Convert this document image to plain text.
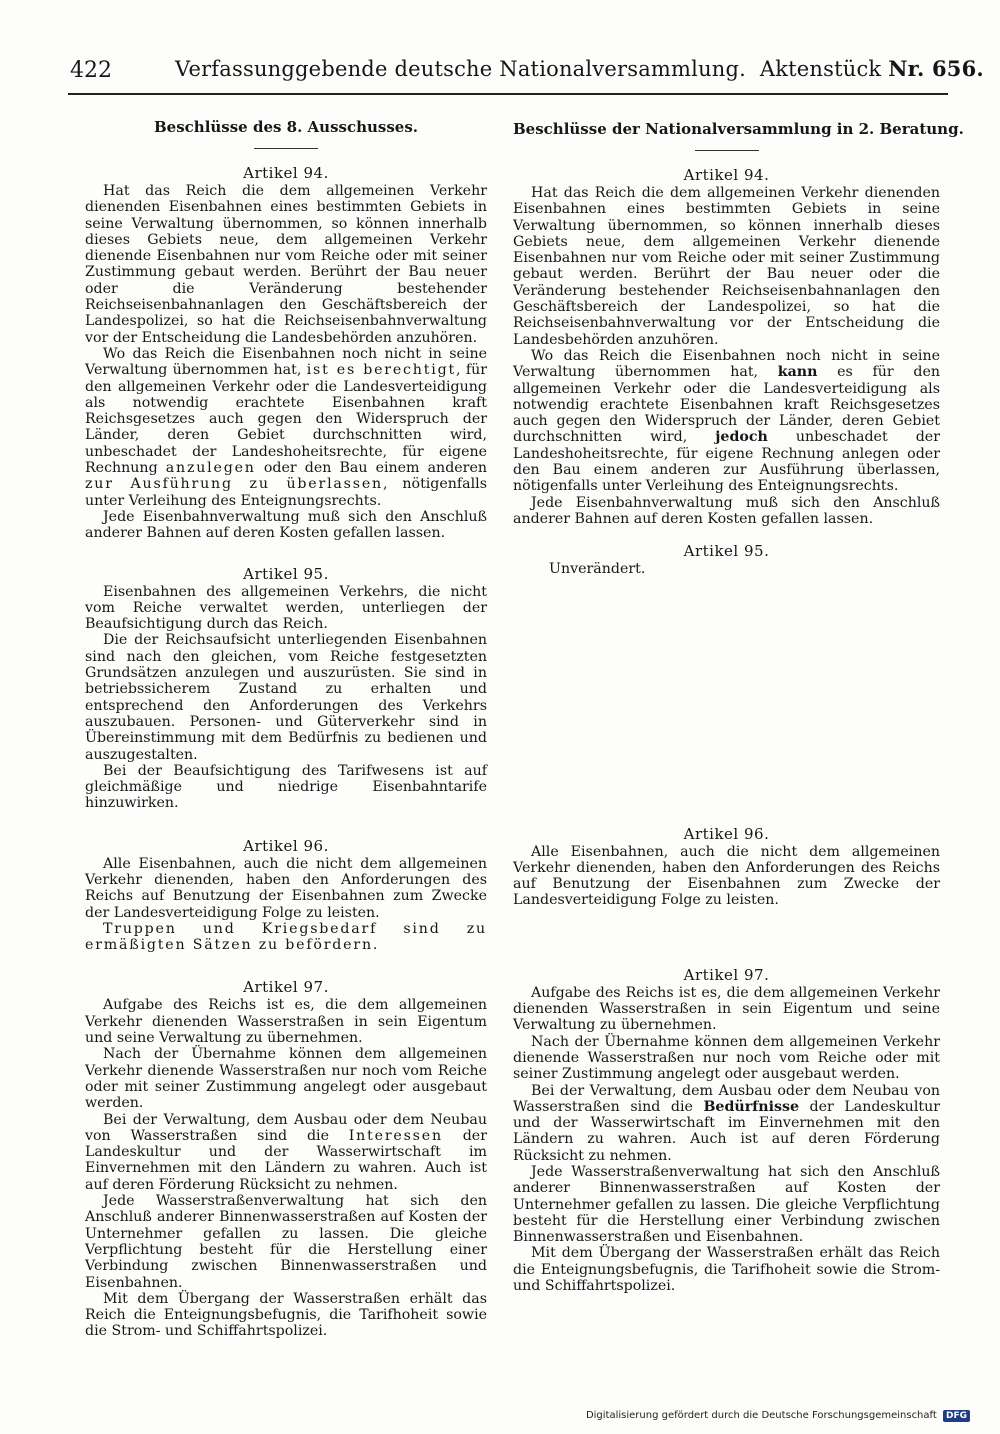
422	Verfassunggebende deutsche Nationalversammlung. Aktenstück Nr. 656.
Beschlüsse des 8. Ausschusses.
Artikel 94.

Hat das Reich die dem allgemeinen Verkehr dienenden Eisenbahnen eines bestimmten Gebiets in seine Verwaltung übernommen, so können innerhalb dieses Gebiets neue, dem allgemeinen Verkehr dienende Eisenbahnen nur vom Reiche oder mit seiner Zustimmung gebaut werden. Berührt der Bau neuer oder die Veränderung bestehender Reichseisenbahnanlagen den Geschäftsbereich der Landespolizei, so hat die Reichseisenbahnverwaltung vor der Entscheidung die Landesbehörden anzuhören.

Wo das Reich die Eisenbahnen noch nicht in seine Verwaltung übernommen hat, ist es berechtigt, für den allgemeinen Verkehr oder die Landesverteidigung als notwendig erachtete Eisenbahnen kraft Reichsgesetzes auch gegen den Widerspruch der Länder, deren Gebiet durchschnitten wird, unbeschadet der Landeshoheitsrechte, für eigene Rechnung anzulegen oder den Bau einem anderen zur Ausführung zu überlassen, nötigenfalls unter Verleihung des Enteignungsrechts.

Jede Eisenbahnverwaltung muß sich den Anschluß anderer Bahnen auf deren Kosten gefallen lassen.

Artikel 95.

Eisenbahnen des allgemeinen Verkehrs, die nicht vom Reiche verwaltet werden, unterliegen der Beaufsichtigung durch das Reich.

Die der Reichsaufsicht unterliegenden Eisenbahnen sind nach den gleichen, vom Reiche festgesetzten Grundsätzen anzulegen und auszurüsten. Sie sind in betriebssicherem Zustand zu erhalten und entsprechend den Anforderungen des Verkehrs auszubauen. Personen- und Güterverkehr sind in Übereinstimmung mit dem Bedürfnis zu bedienen und auszugestalten.

Bei der Beaufsichtigung des Tarifwesens ist auf gleichmäßige und niedrige Eisenbahntarife hinzuwirken.

Artikel 96.

Alle Eisenbahnen, auch die nicht dem allgemeinen Verkehr dienenden, haben den Anforderungen des Reichs auf Benutzung der Eisenbahnen zum Zwecke der Landesverteidigung Folge zu leisten.

Truppen und Kriegsbedarf sind zu ermäßigten Sätzen zu befördern.

Artikel 97.

Aufgabe des Reichs ist es, die dem allgemeinen Verkehr dienenden Wasserstraßen in sein Eigentum und seine Verwaltung zu übernehmen.

Nach der Übernahme können dem allgemeinen Verkehr dienende Wasserstraßen nur noch vom Reiche oder mit seiner Zustimmung angelegt oder ausgebaut werden.

Bei der Verwaltung, dem Ausbau oder dem Neubau von Wasserstraßen sind die Interessen der Landeskultur und der Wasserwirtschaft im Einvernehmen mit den Ländern zu wahren. Auch ist auf deren Förderung Rücksicht zu nehmen.

Jede Wasserstraßenverwaltung hat sich den Anschluß anderer Binnenwasserstraßen auf Kosten der Unternehmer gefallen zu lassen. Die gleiche Verpflichtung besteht für die Herstellung einer Verbindung zwischen Binnenwasserstraßen und Eisenbahnen.

Mit dem Übergang der Wasserstraßen erhält das Reich die Enteignungsbefugnis, die Tarifhoheit sowie die Strom- und Schiffahrtspolizei.

Beschlüsse der Nationalversammlung in 2. Beratung.
Artikel 94.

Hat das Reich die dem allgemeinen Verkehr dienenden Eisenbahnen eines bestimmten Gebiets in seine Verwaltung übernommen, so können innerhalb dieses Gebiets neue, dem allgemeinen Verkehr dienende Eisenbahnen nur vom Reiche oder mit seiner Zustimmung gebaut werden. Berührt der Bau neuer oder die Veränderung bestehender Reichseisenbahnanlagen den Geschäftsbereich der Landespolizei, so hat die Reichseisenbahnverwaltung vor der Entscheidung die Landesbehörden anzuhören.

Wo das Reich die Eisenbahnen noch nicht in seine Verwaltung übernommen hat, kann es für den allgemeinen Verkehr oder die Landesverteidigung als notwendig erachtete Eisenbahnen kraft Reichsgesetzes auch gegen den Widerspruch der Länder, deren Gebiet durchschnitten wird, jedoch unbeschadet der Landeshoheitsrechte, für eigene Rechnung anlegen oder den Bau einem anderen zur Ausführung überlassen, nötigenfalls unter Verleihung des Enteignungsrechts.

Jede Eisenbahnverwaltung muß sich den Anschluß anderer Bahnen auf deren Kosten gefallen lassen.

Artikel 95.

Unverändert.

Artikel 96.

Alle Eisenbahnen, auch die nicht dem allgemeinen Verkehr dienenden, haben den Anforderungen des Reichs auf Benutzung der Eisenbahnen zum Zwecke der Landesverteidigung Folge zu leisten.

Artikel 97.

Aufgabe des Reichs ist es, die dem allgemeinen Verkehr dienenden Wasserstraßen in sein Eigentum und seine Verwaltung zu übernehmen.

Nach der Übernahme können dem allgemeinen Verkehr dienende Wasserstraßen nur noch vom Reiche oder mit seiner Zustimmung angelegt oder ausgebaut werden.

Bei der Verwaltung, dem Ausbau oder dem Neubau von Wasserstraßen sind die Bedürfnisse der Landeskultur und der Wasserwirtschaft im Einvernehmen mit den Ländern zu wahren. Auch ist auf deren Förderung Rücksicht zu nehmen.

Jede Wasserstraßenverwaltung hat sich den Anschluß anderer Binnenwasserstraßen auf Kosten der Unternehmer gefallen zu lassen. Die gleiche Verpflichtung besteht für die Herstellung einer Verbindung zwischen Binnenwasserstraßen und Eisenbahnen.

Mit dem Übergang der Wasserstraßen erhält das Reich die Enteignungsbefugnis, die Tarifhoheit sowie die Strom- und Schiffahrtspolizei.

Digitalisierung gefördert durch die Deutsche Forschungsgemeinschaft DFG
